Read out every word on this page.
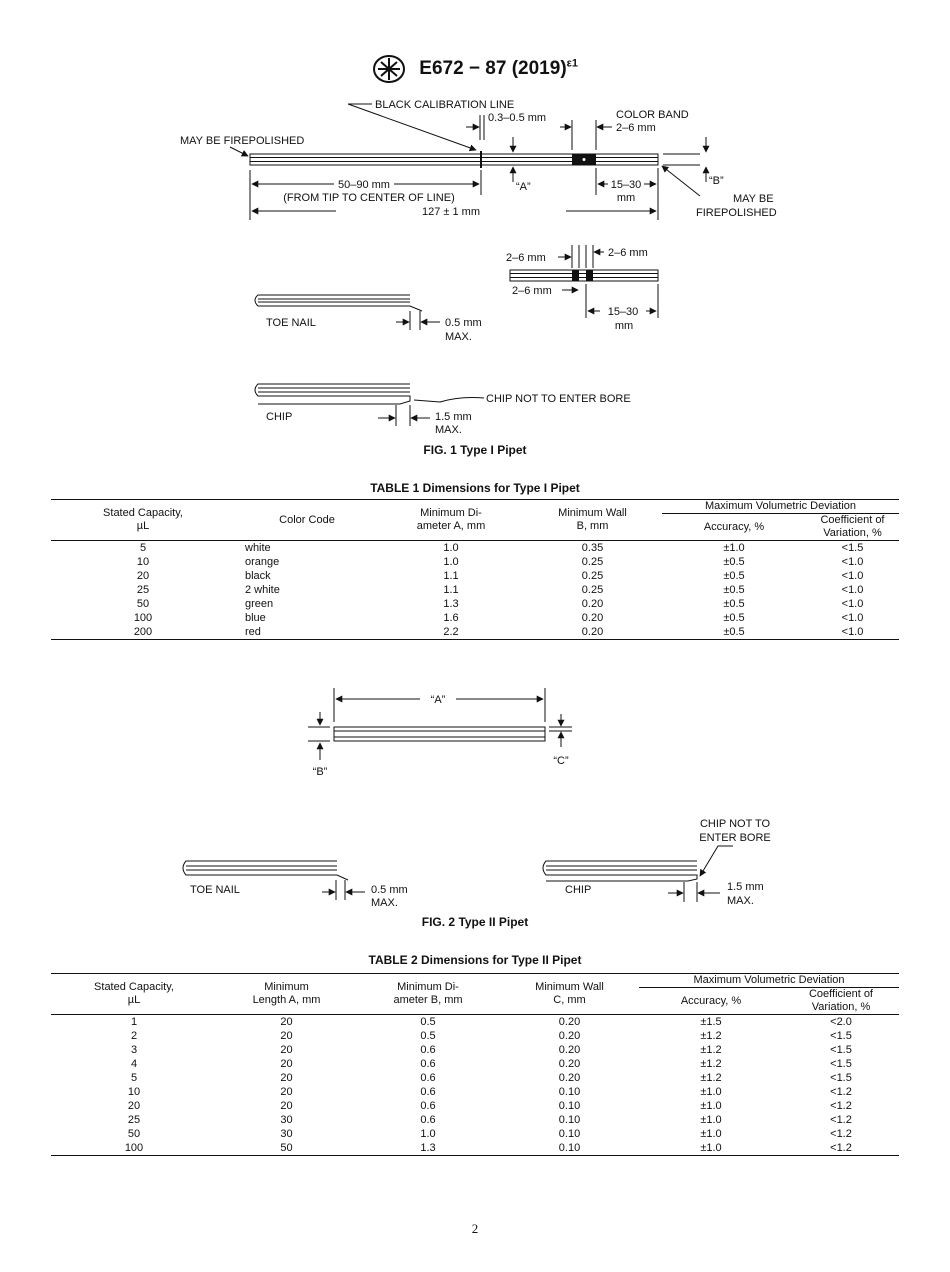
E672 − 87 $(2019)^{\varepsilon 1}$
BLACK CALIBRATION LINE
0.3–0.5 mm	COLOR BAND
2–6 mm
MAY BE FIREPOLISHED
“A”	“B”
50–90 mm
(FROM TIP TO CENTER OF LINE)
15–30
mm	MAY BE
FIREPOLISHED
127 ± 1 mm
2–6 mm	2–6 mm
2–6 mm
15–30
mm
TOE NAIL	0.5 mm
MAX.
CHIP
CHIP NOT TO ENTER BORE
1.5 mm
MAX.
FIG. 1 Type I Pipet
TABLE 1 Dimensions for Type I Pipet
Stated Capacity,
µL	Color Code	Minimum Di-
ameter A, mm	Minimum Wall
B, mm	Maximum Volumetric Deviation	
				Accuracy, %	Coefficient of
Variation, %
5	white	1.0	0.35	±1.0	<1.5
10	orange	1.0	0.25	±0.5	<1.0
20	black	1.1	0.25	±0.5	<1.0
25	2 white	1.1	0.25	±0.5	<1.0
50	green	1.3	0.20	±0.5	<1.0
100	blue	1.6	0.20	±0.5	<1.0
200	red	2.2	0.20	±0.5	<1.0
“A”
“B”
“C”
TOE NAIL	0.5 mm
MAX.
CHIP
CHIP NOT TO
ENTER BORE
1.5 mm
MAX.
FIG. 2 Type II Pipet
TABLE 2 Dimensions for Type II Pipet
Stated Capacity,
µL	Minimum
Length A, mm	Minimum Di-
ameter B, mm	Minimum Wall
C, mm	Maximum Volumetric Deviation	
				Accuracy, %	Coefficient of
Variation, %
1	20	0.5	0.20	±1.5	<2.0
2	20	0.5	0.20	±1.2	<1.5
3	20	0.6	0.20	±1.2	<1.5
4	20	0.6	0.20	±1.2	<1.5
5	20	0.6	0.20	±1.2	<1.5
10	20	0.6	0.10	±1.0	<1.2
20	20	0.6	0.10	±1.0	<1.2
25	30	0.6	0.10	±1.0	<1.2
50	30	1.0	0.10	±1.0	<1.2
100	50	1.3	0.10	±1.0	<1.2
2
